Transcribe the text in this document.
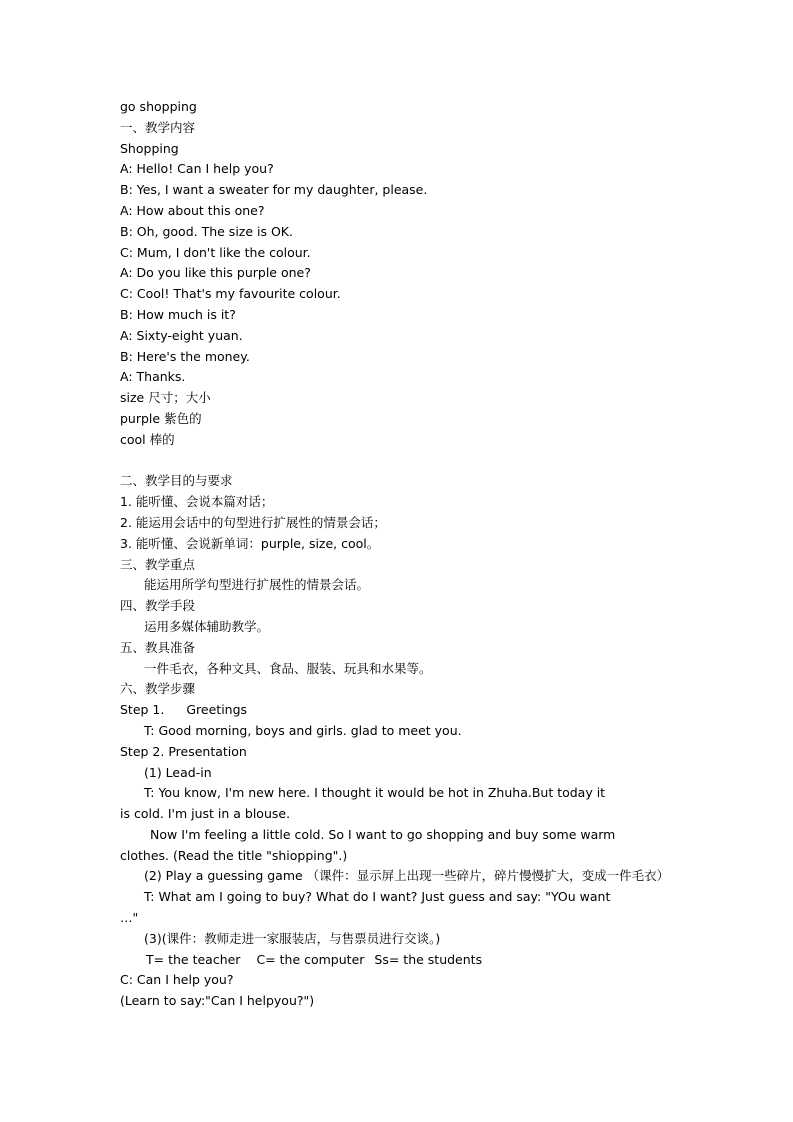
go shopping
一、教学内容
Shopping
A: Hello! Can I help you?
B: Yes, I want a sweater for my daughter, please.
A: How about this one?
B: Oh, good. The size is OK.
C: Mum, I don't like the colour.
A: Do you like this purple one?
C: Cool! That's my favourite colour.
B: How much is it?
A: Sixty-eight yuan.
B: Here's the money.
A: Thanks.
size 尺寸；大小
purple 紫色的
cool 棒的
二、教学目的与要求
1. 能听懂、会说本篇对话；
2. 能运用会话中的句型进行扩展性的情景会话；
3. 能听懂、会说新单词：purple, size, cool。
三、教学重点
能运用所学句型进行扩展性的情景会话。
四、教学手段
运用多媒体辅助教学。
五、教具准备
一件毛衣，各种文具、食品、服装、玩具和水果等。
六、教学步骤
Step 1. Greetings
T: Good morning, boys and girls. glad to meet you.
Step 2. Presentation
(1) Lead-in
T: You know, I'm new here. I thought it would be hot in Zhuha.But today it
is cold. I'm just in a blouse.
Now I'm feeling a little cold. So I want to go shopping and buy some warm
clothes. (Read the title "shiopping".)
(2) Play a guessing game （课件：显示屏上出现一些碎片，碎片慢慢扩大，变成一件毛衣）
T: What am I going to buy? What do I want? Just guess and say: "YOu want
…"
(3)(课件：教师走进一家服装店，与售票员进行交谈。)
T= the teacher C= the computer Ss= the students
C: Can I help you?
(Learn to say:"Can I helpyou?")
